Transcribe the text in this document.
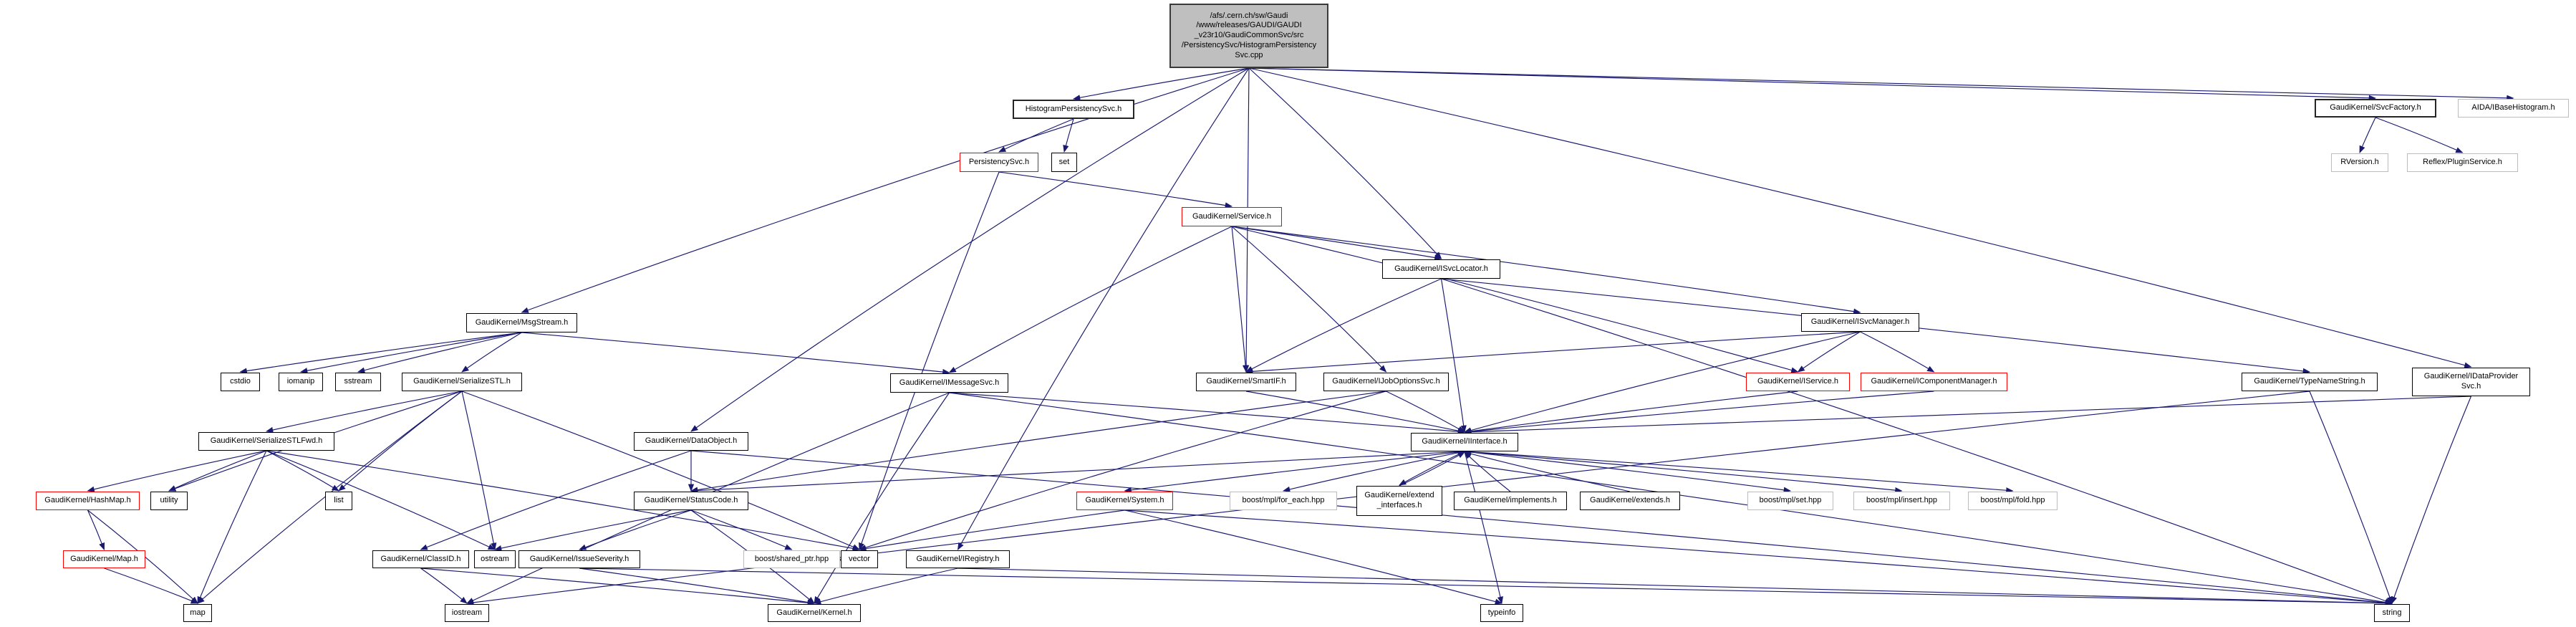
/afs/.cern.ch/sw/Gaudi
/www/releases/GAUDI/GAUDI
_v23r10/GaudiCommonSvc/src
/PersistencySvc/HistogramPersistency
Svc.cpp
HistogramPersistencySvc.h	GaudiKernel/SvcFactory.h	AIDA/IBaseHistogram.h
PersistencySvc.h	set	RVersion.h	Reflex/PluginService.h
GaudiKernel/Service.h
GaudiKernel/ISvcLocator.h
GaudiKernel/MsgStream.h	GaudiKernel/ISvcManager.h
cstdio	iomanip	sstream	GaudiKernel/SerializeSTL.h	GaudiKernel/IMessageSvc.h	GaudiKernel/SmartIF.h	GaudiKernel/IJobOptionsSvc.h	GaudiKernel/IService.h	GaudiKernel/IComponentManager.h	GaudiKernel/TypeNameString.h
GaudiKernel/IDataProvider
Svc.h
GaudiKernel/SerializeSTLFwd.h	GaudiKernel/DataObject.h	GaudiKernel/IInterface.h
GaudiKernel/HashMap.h	utility	list	GaudiKernel/StatusCode.h	GaudiKernel/System.h	boost/mpl/for_each.hpp
GaudiKernel/extend
_interfaces.h
GaudiKernel/implements.h	GaudiKernel/extends.h	boost/mpl/set.hpp	boost/mpl/insert.hpp	boost/mpl/fold.hpp
GaudiKernel/Map.h	GaudiKernel/ClassID.h	ostream	GaudiKernel/IssueSeverity.h	boost/shared_ptr.hpp	vector	GaudiKernel/IRegistry.h
map	iostream	GaudiKernel/Kernel.h	typeinfo	string
